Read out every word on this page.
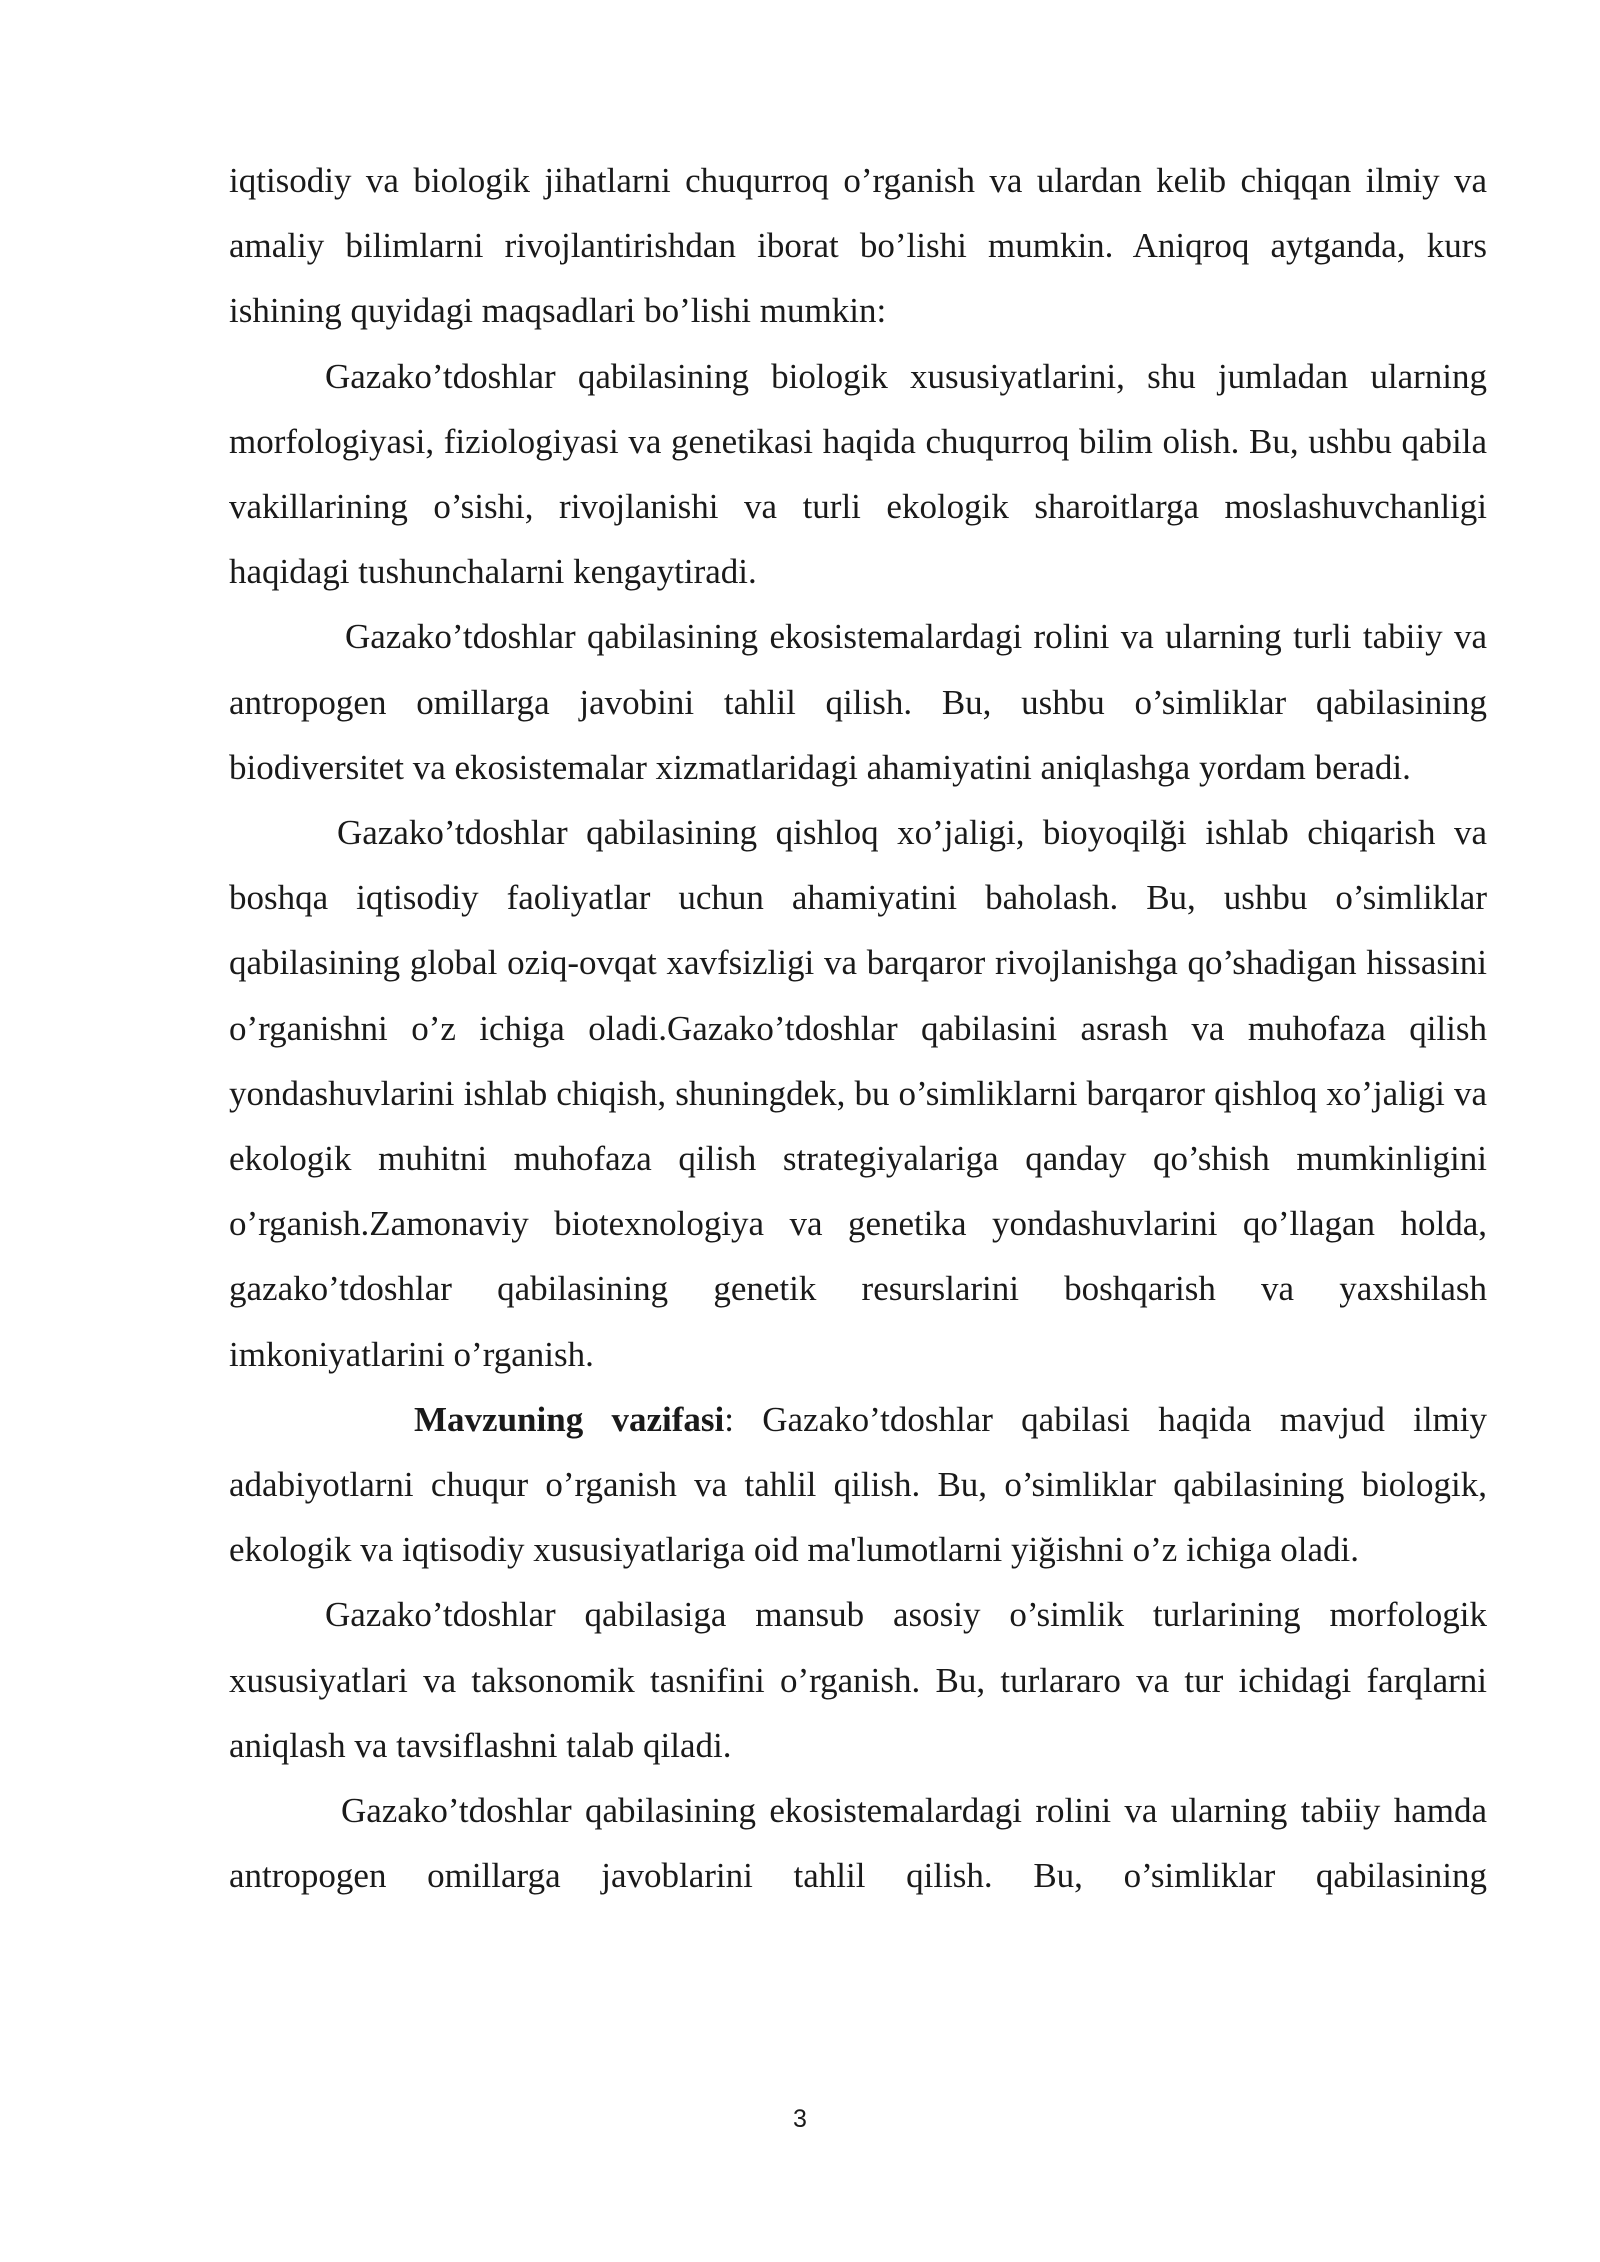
iqtisodiy va biologik jihatlarni chuqurroq o’rganish va ulardan kelib chiqqan ilmiy va amaliy bilimlarni rivojlantirishdan iborat bo’lishi mumkin. Aniqroq aytganda, kurs ishining quyidagi maqsadlari bo’lishi mumkin:

Gazako’tdoshlar qabilasining biologik xususiyatlarini, shu jumladan ularning morfologiyasi, fiziologiyasi va genetikasi haqida chuqurroq bilim olish. Bu, ushbu qabila vakillarining o’sishi, rivojlanishi va turli ekologik sharoitlarga moslashuvchanligi haqidagi tushunchalarni kengaytiradi.

Gazako’tdoshlar qabilasining ekosistemalardagi rolini va ularning turli tabiiy va antropogen omillarga javobini tahlil qilish. Bu, ushbu o’simliklar qabilasining biodiversitet va ekosistemalar xizmatlaridagi ahamiyatini aniqlashga yordam beradi.

Gazako’tdoshlar qabilasining qishloq xo’jaligi, bioyoqilği ishlab chiqarish va boshqa iqtisodiy faoliyatlar uchun ahamiyatini baholash. Bu, ushbu o’simliklar qabilasining global oziq-ovqat xavfsizligi va barqaror rivojlanishga qo’shadigan hissasini o’rganishni o’z ichiga oladi.Gazako’tdoshlar qabilasini asrash va muhofaza qilish yondashuvlarini ishlab chiqish, shuningdek, bu o’simliklarni barqaror qishloq xo’jaligi va ekologik muhitni muhofaza qilish strategiyalariga qanday qo’shish mumkinligini o’rganish.Zamonaviy biotexnologiya va genetika yondashuvlarini qo’llagan holda, gazako’tdoshlar qabilasining genetik resurslarini boshqarish va yaxshilash imkoniyatlarini o’rganish.

Mavzuning vazifasi: Gazako’tdoshlar qabilasi haqida mavjud ilmiy adabiyotlarni chuqur o’rganish va tahlil qilish. Bu, o’simliklar qabilasining biologik, ekologik va iqtisodiy xususiyatlariga oid ma'lumotlarni yiğishni o’z ichiga oladi.

Gazako’tdoshlar qabilasiga mansub asosiy o’simlik turlarining morfologik xususiyatlari va taksonomik tasnifini o’rganish. Bu, turlararo va tur ichidagi farqlarni aniqlash va tavsiflashni talab qiladi.

Gazako’tdoshlar qabilasining ekosistemalardagi rolini va ularning tabiiy hamda antropogen omillarga javoblarini tahlil qilish. Bu, o’simliklar qabilasining

3
